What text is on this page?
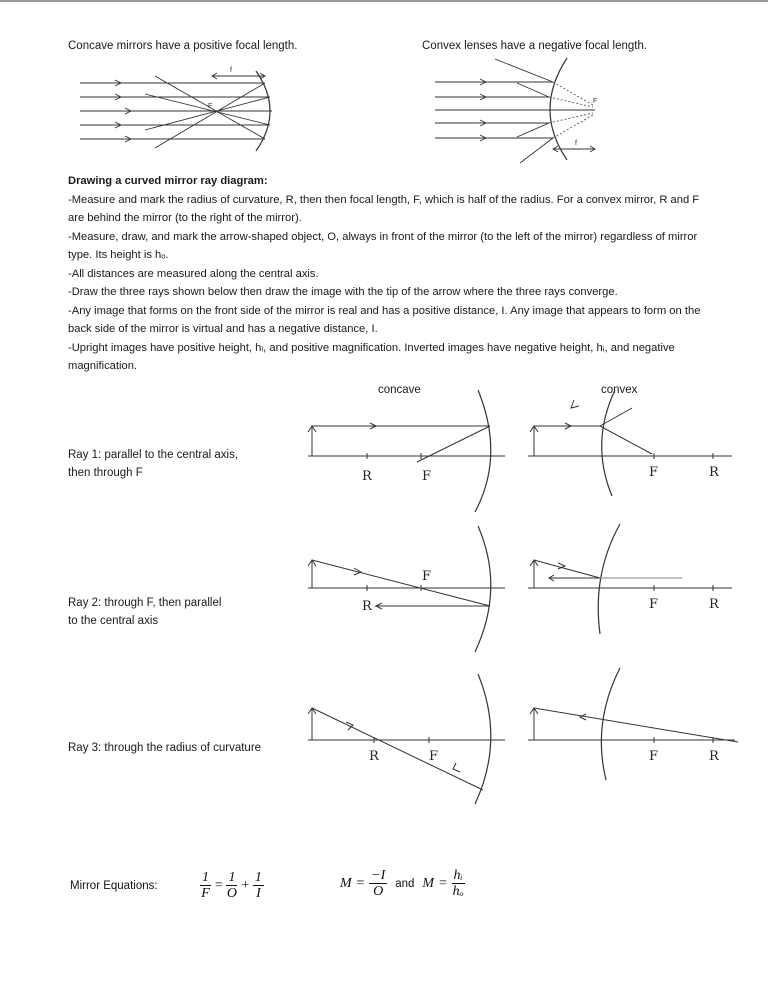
Concave mirrors have a positive focal length.	Convex lenses have a negative focal length.
f
F
F
f

Drawing a curved mirror ray diagram:

-Measure and mark the radius of curvature, R, then then focal length, F, which is half of the radius. For a convex mirror, R and F are behind the mirror (to the right of the mirror).

-Measure, draw, and mark the arrow-shaped object, O, always in front of the mirror (to the left of the mirror) regardless of mirror type. Its height is hₒ.

-All distances are measured along the central axis.

-Draw the three rays shown below then draw the image with the tip of the arrow where the three rays converge.

-Any image that forms on the front side of the mirror is real and has a positive distance, I. Any image that appears to form on the back side of the mirror is virtual and has a negative distance, I.

-Upright images have positive height, hᵢ, and positive magnification. Inverted images have negative height, hᵢ, and negative magnification.

concave	convex
Ray 1: parallel to the central axis,
then through F
Ray 2: through F, then parallel
to the central axis
Ray 3: through the radius of curvature
R	F	F	R
R
F
F	R
R	F	F	R
Mirror Equations:	$\frac{1}{F} = \frac{1}{O} + \frac{1}{I}$	$M = \frac{-I}{O}$ and $M = \frac{\text{hᵢ}}{\text{hₒ}}$
